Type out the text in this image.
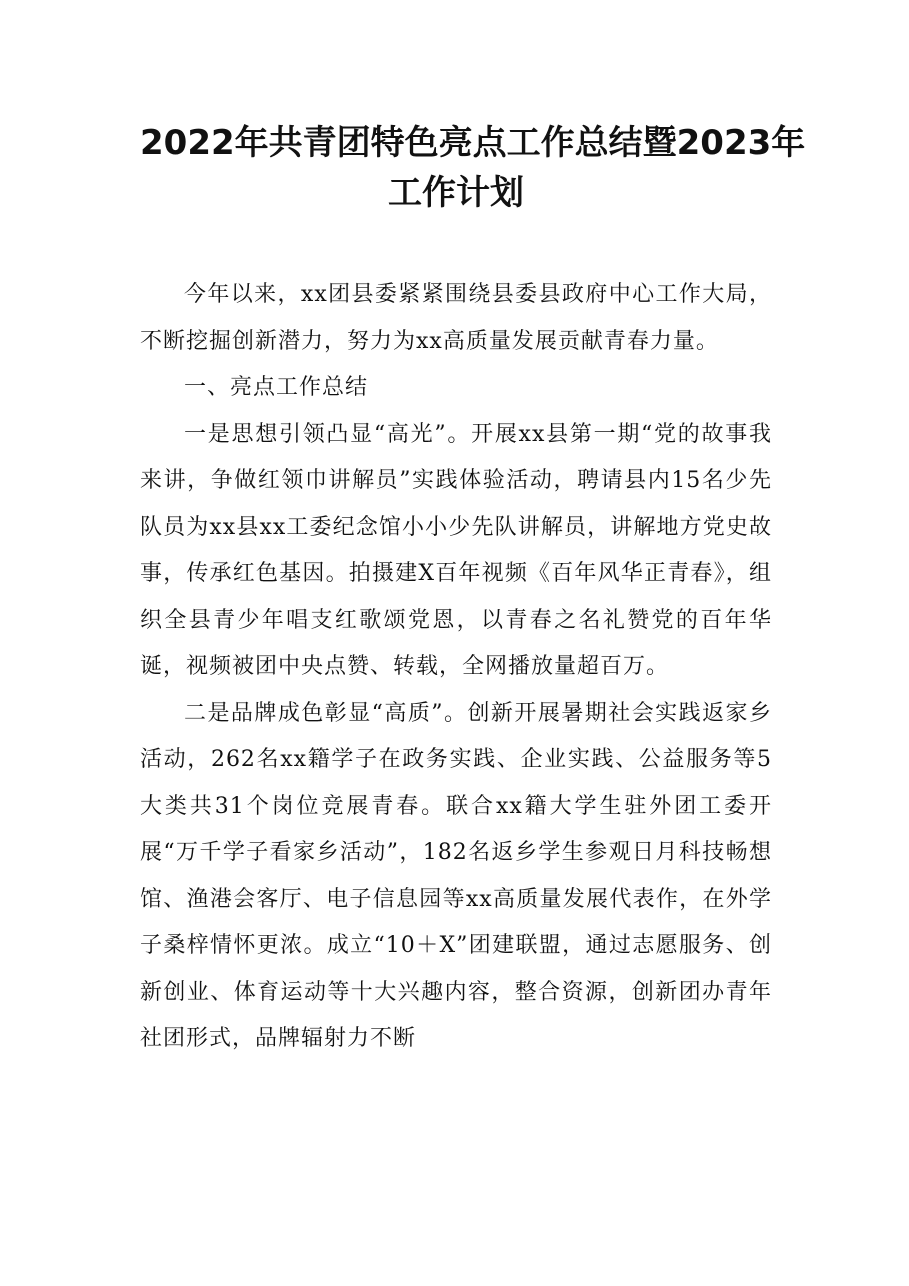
2022年共青团特色亮点工作总结暨2023年
工作计划

今年以来，xx团县委紧紧围绕县委县政府中心工作大局，不断挖掘创新潜力，努力为xx高质量发展贡献青春力量。

一、亮点工作总结

一是思想引领凸显“高光”。开展xx县第一期“党的故事我来讲，争做红领巾讲解员”实践体验活动，聘请县内15名少先队员为xx县xx工委纪念馆小小少先队讲解员，讲解地方党史故事，传承红色基因。拍摄建X百年视频《百年风华正青春》，组织全县青少年唱支红歌颂党恩，以青春之名礼赞党的百年华诞，视频被团中央点赞、转载，全网播放量超百万。

二是品牌成色彰显“高质”。创新开展暑期社会实践返家乡活动，262名xx籍学子在政务实践、企业实践、公益服务等5大类共31个岗位竞展青春。联合xx籍大学生驻外团工委开展“万千学子看家乡活动”，182名返乡学生参观日月科技畅想馆、渔港会客厅、电子信息园等xx高质量发展代表作，在外学子桑梓情怀更浓。成立“10＋X”团建联盟，通过志愿服务、创新创业、体育运动等十大兴趣内容，整合资源，创新团办青年社团形式，品牌辐射力不断
